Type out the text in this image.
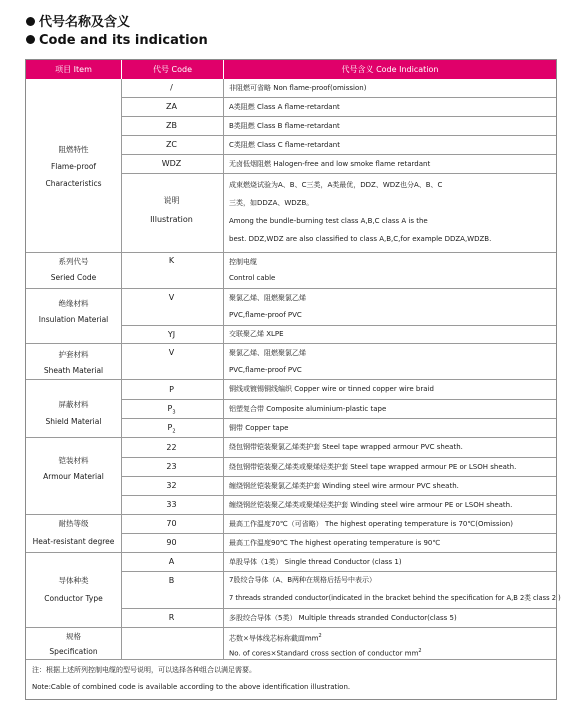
代号名称及含义
Code and its indication
项目 Item	代号 Code	代号含义 Code Indication
阻燃特性
Flame-proof
Characteristics
/	非阻燃可省略 Non flame-proof(omission)
ZA	A类阻燃 Class A flame-retardant
ZB	B类阻燃 Class B flame-retardant
ZC	C类阻燃 Class C flame-retardant
WDZ	无卤低烟阻燃 Halogen-free and low smoke flame retardant
说明
Illustration
成束燃烧试验为A、B、C三类，A类最优，DDZ、WDZ也分A、B、C
三类，如DDZA、WDZB。
Among the bundle-burning test class A,B,C class A is the
best. DDZ,WDZ are also classified to class A,B,C,for example DDZA,WDZB.
系列代号
Seried Code
K	控制电缆
Control cable
绝缘材料
Insulation Material
V	聚氯乙烯、阻燃聚氯乙烯
PVC,flame-proof PVC
YJ	交联聚乙烯 XLPE
护套材料
Sheath Material
V	聚氯乙烯、阻燃聚氯乙烯
PVC,flame-proof PVC
屏蔽材料
Shield Material
P	铜线或镀锡铜线编织 Copper wire or tinned copper wire braid
$P_3$	铝塑复合带 Composite aluminium-plastic tape
$P_2$	铜带 Copper tape
铠装材料
Armour Material
22	绕包钢带铠装聚氯乙烯类护套 Steel tape wrapped armour PVC sheath.
23	绕包钢带铠装聚乙烯类或聚烯烃类护套 Steel tape wrapped armour PE or LSOH sheath.
32	缠绕钢丝铠装聚氯乙烯类护套 Winding steel wire armour PVC sheath.
33	缠绕钢丝铠装聚乙烯类或聚烯烃类护套 Winding steel wire armour PE or LSOH sheath.
耐热等级
Heat-resistant degree
70	最高工作温度70℃（可省略） The highest operating temperature is 70℃(Omission)
90	最高工作温度90℃ The highest operating temperature is 90℃
导体种类
Conductor Type
A	单股导体（1类） Single thread Conductor (class 1)
B	7股绞合导体（A、B两种在规格后括号中表示）
7 threads stranded conductor(indicated in the bracket behind the specification for A,B 2类 class 2 )
R	多股绞合导体（5类） Multiple threads stranded Conductor(class 5)
规格
Specification
芯数×导体线芯标称截面$mm^2$
No. of cores×Standard cross section of conductor $mm^2$
注：根据上述所列控制电缆的型号说明，可以选择各种组合以满足需要。
Note:Cable of combined code is available according to the above identification illustration.
